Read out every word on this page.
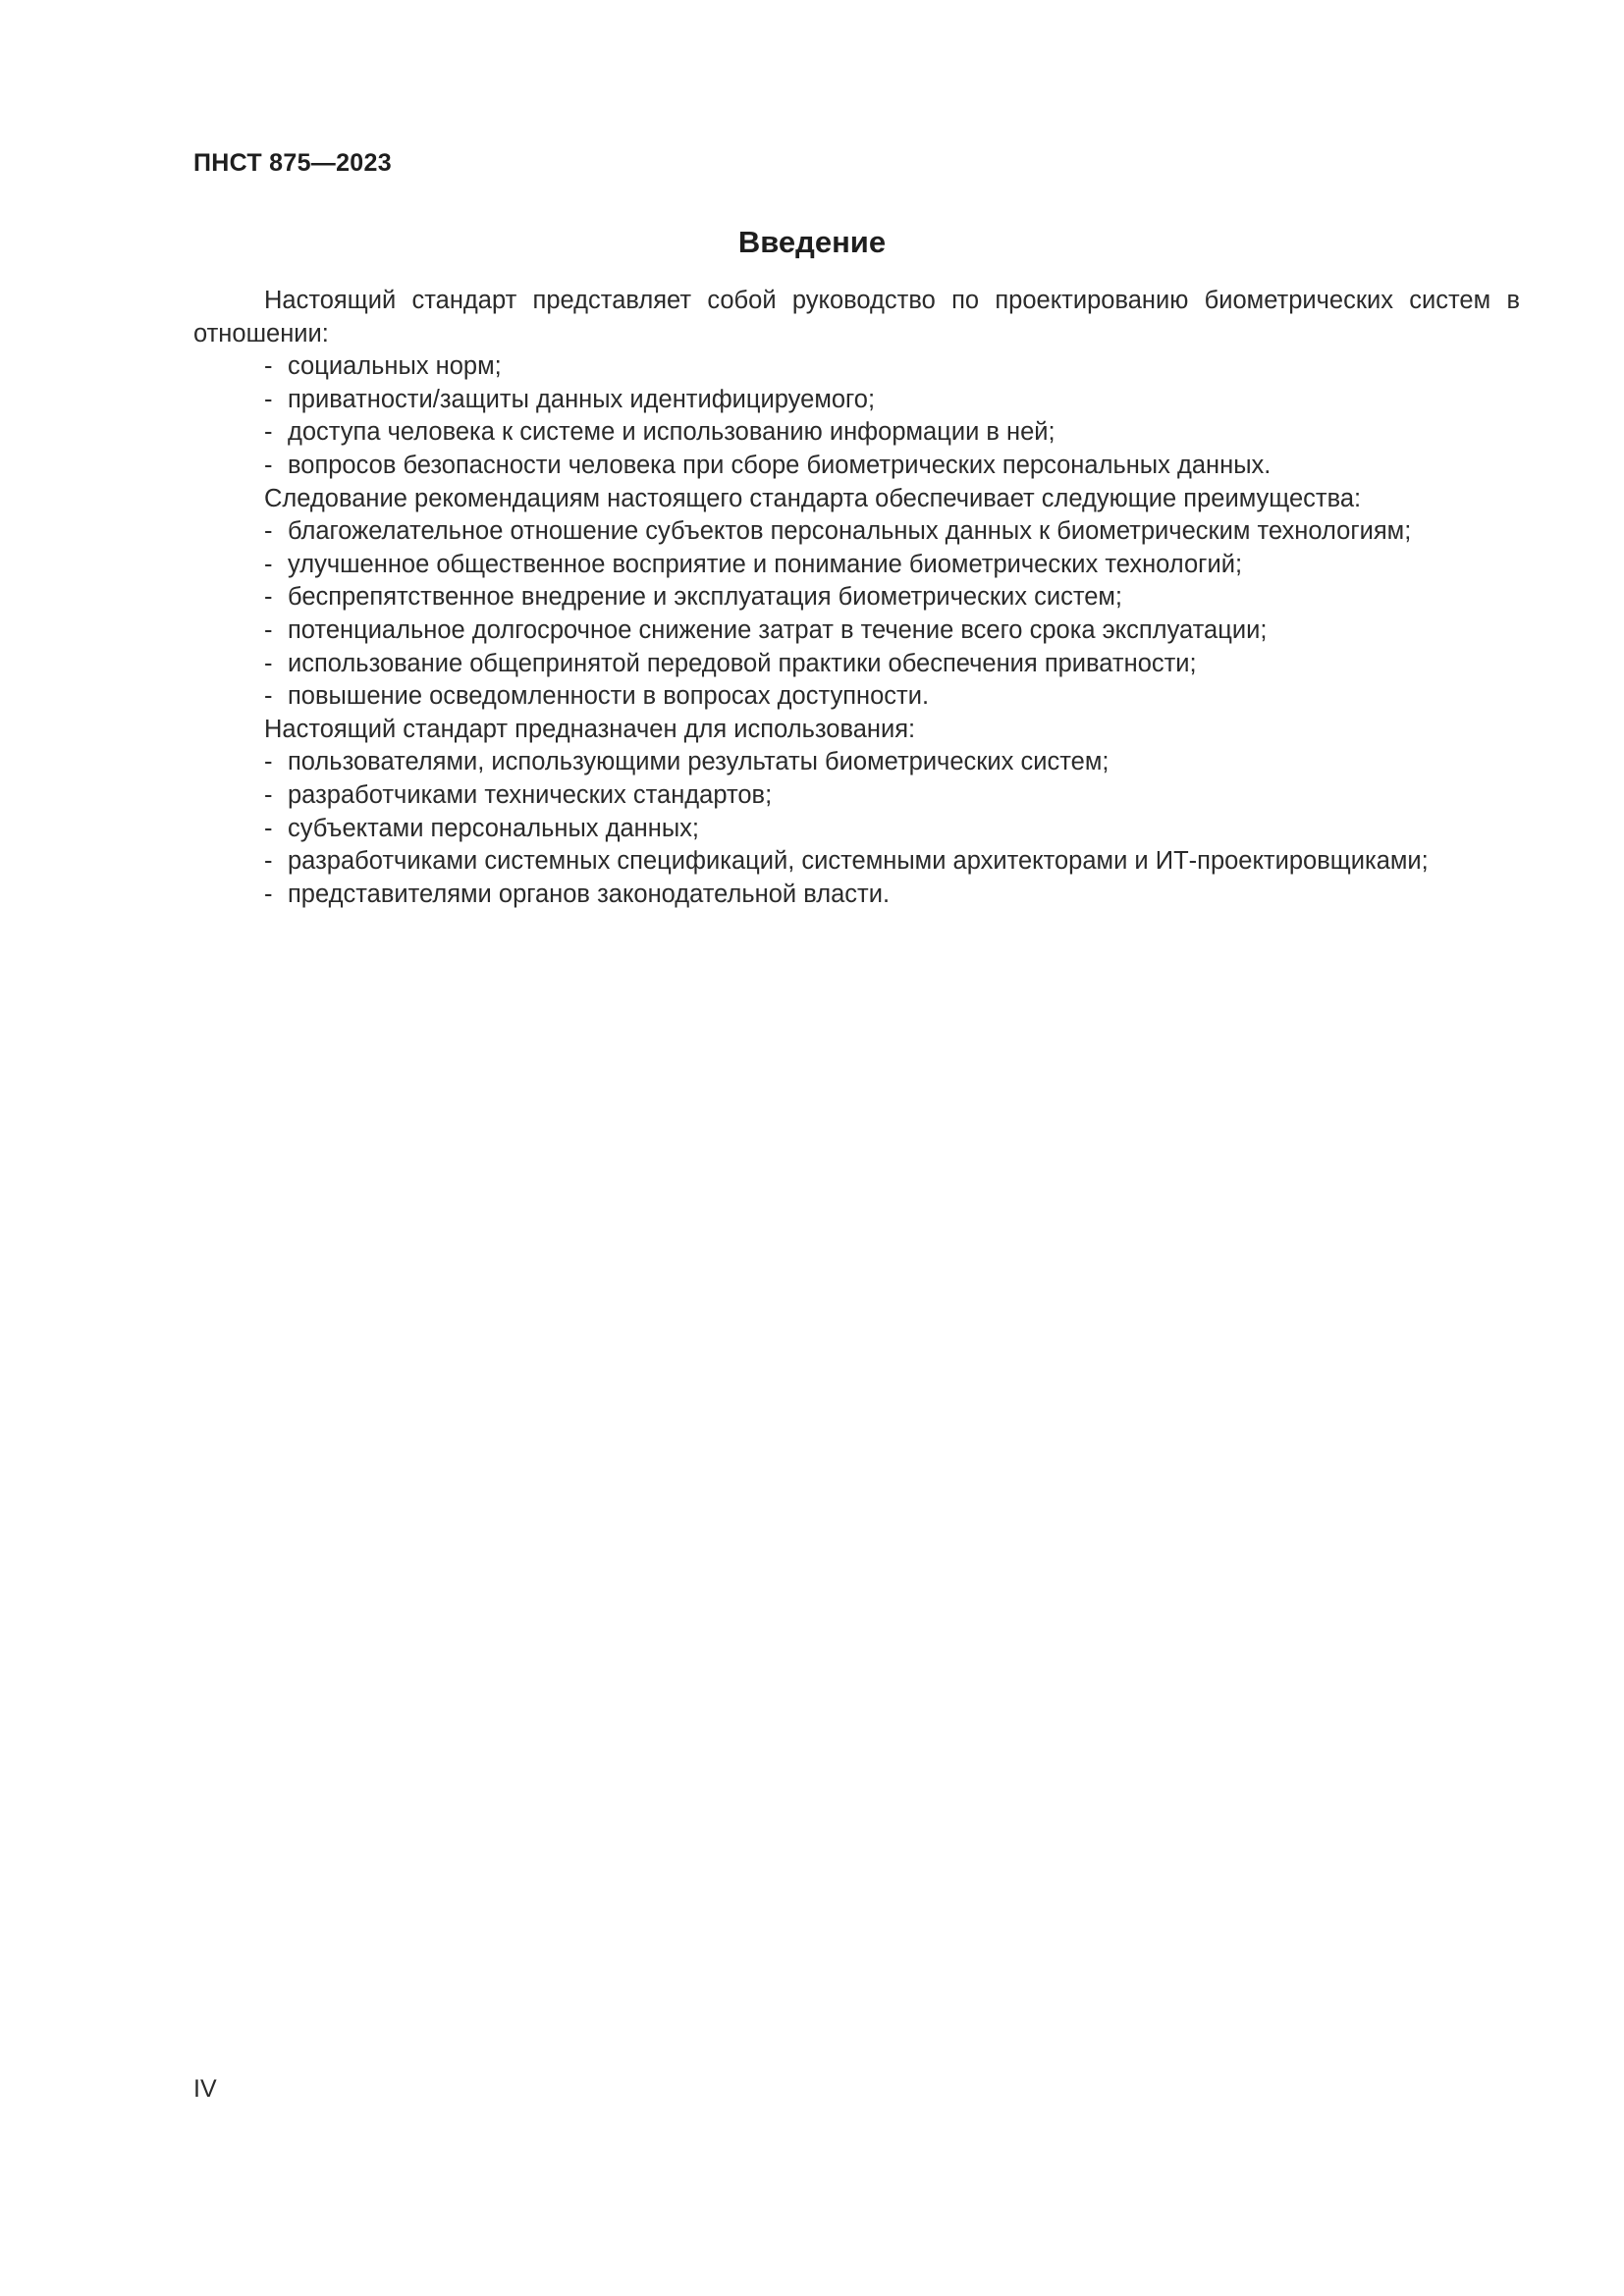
ПНСТ 875—2023
Введение

Настоящий стандарт представляет собой руководство по проектированию биометрических систем в отношении:

- социальных норм;
- приватности/защиты данных идентифицируемого;
- доступа человека к системе и использованию информации в ней;
- вопросов безопасности человека при сборе биометрических персональных данных.

Следование рекомендациям настоящего стандарта обеспечивает следующие преимущества:

- благожелательное отношение субъектов персональных данных к биометрическим технологиям;
- улучшенное общественное восприятие и понимание биометрических технологий;
- беспрепятственное внедрение и эксплуатация биометрических систем;
- потенциальное долгосрочное снижение затрат в течение всего срока эксплуатации;
- использование общепринятой передовой практики обеспечения приватности;
- повышение осведомленности в вопросах доступности.

Настоящий стандарт предназначен для использования:

- пользователями, использующими результаты биометрических систем;
- разработчиками технических стандартов;
- субъектами персональных данных;
- разработчиками системных спецификаций, системными архитекторами и ИТ-проектировщиками;
- представителями органов законодательной власти.
IV
